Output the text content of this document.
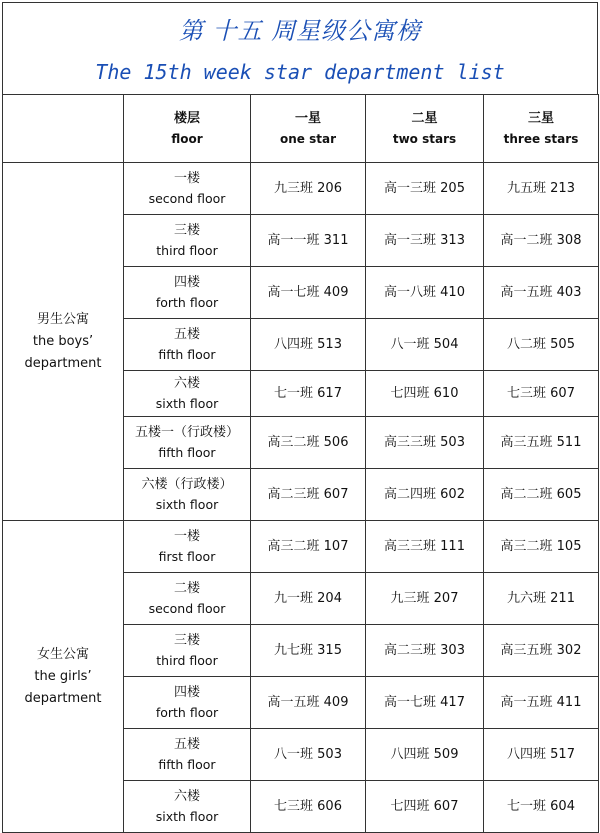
第 十五 周星级公寓榜
The 15th week star department list

	楼层
floor	一星
one star	二星
two stars	三星
three stars

男生公寓
the boys’
department	一楼
second floor	九三班 206	高一三班 205	九五班 213

	三楼
third floor	高一一班 311	高一三班 313	高一二班 308

	四楼
forth floor	高一七班 409	高一八班 410	高一五班 403

	五楼
fifth floor	八四班 513	八一班 504	八二班 505

	六楼
sixth floor	七一班 617	七四班 610	七三班 607

	五楼一（行政楼）
fifth floor	高三二班 506	高三三班 503	高三五班 511

	六楼（行政楼）
sixth floor	高二三班 607	高二四班 602	高二二班 605

女生公寓
the girls’
department	一楼
first floor	高三二班 107	高三三班 111	高三二班 105

	二楼
second floor	九一班 204	九三班 207	九六班 211

	三楼
third floor	九七班 315	高二三班 303	高三五班 302

	四楼
forth floor	高一五班 409	高一七班 417	高一五班 411

	五楼
fifth floor	八一班 503	八四班 509	八四班 517

	六楼
sixth floor	七三班 606	七四班 607	七一班 604
